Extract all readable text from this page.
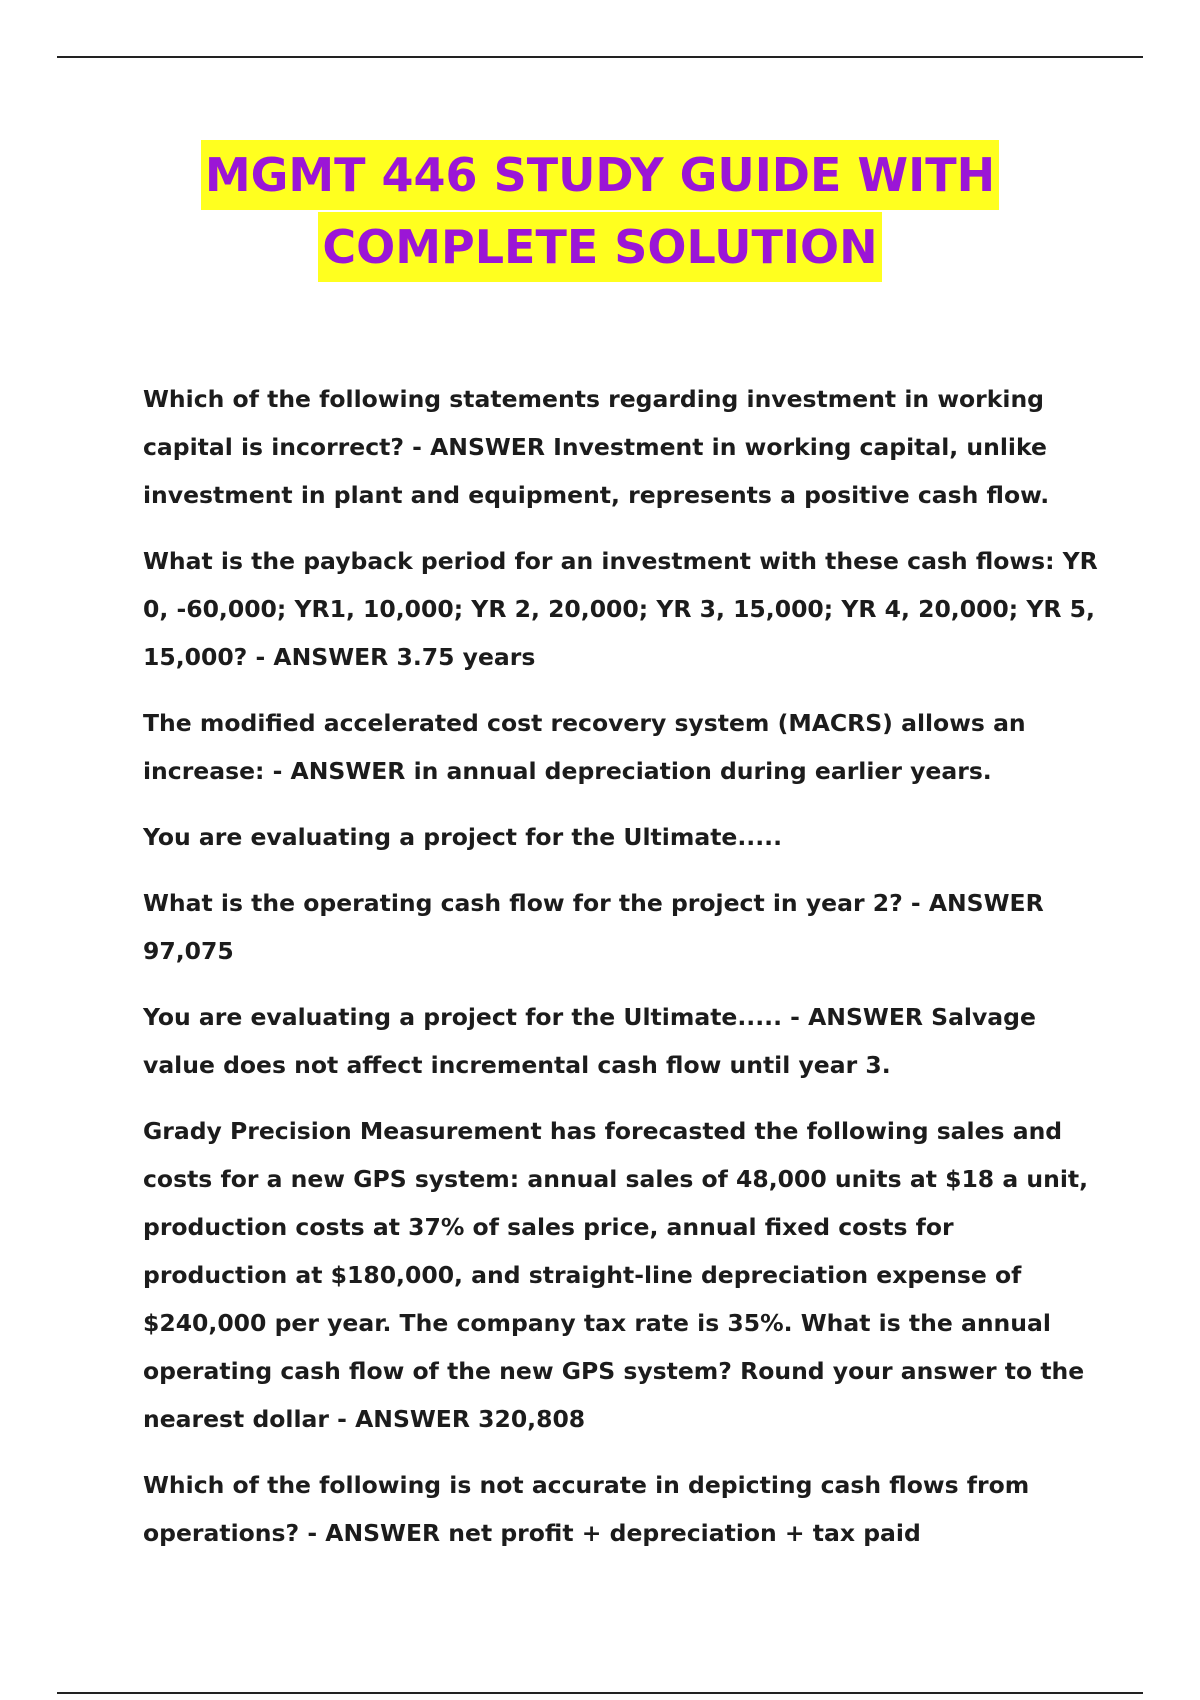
MGMT 446 STUDY GUIDE WITH
COMPLETE SOLUTION

Which of the following statements regarding investment in working capital is incorrect? - ANSWER Investment in working capital, unlike investment in plant and equipment, represents a positive cash flow.

What is the payback period for an investment with these cash flows: YR 0, -60,000; YR1, 10,000; YR 2, 20,000; YR 3, 15,000; YR 4, 20,000; YR 5, 15,000? - ANSWER 3.75 years

The modified accelerated cost recovery system (MACRS) allows an increase: - ANSWER in annual depreciation during earlier years.

You are evaluating a project for the Ultimate.....

What is the operating cash flow for the project in year 2? - ANSWER 97,075

You are evaluating a project for the Ultimate..... - ANSWER Salvage value does not affect incremental cash flow until year 3.

Grady Precision Measurement has forecasted the following sales and costs for a new GPS system: annual sales of 48,000 units at $18 a unit, production costs at 37% of sales price, annual fixed costs for production at $180,000, and straight-line depreciation expense of $240,000 per year. The company tax rate is 35%. What is the annual operating cash flow of the new GPS system? Round your answer to the nearest dollar - ANSWER 320,808

Which of the following is not accurate in depicting cash flows from operations? - ANSWER net profit + depreciation + tax paid
